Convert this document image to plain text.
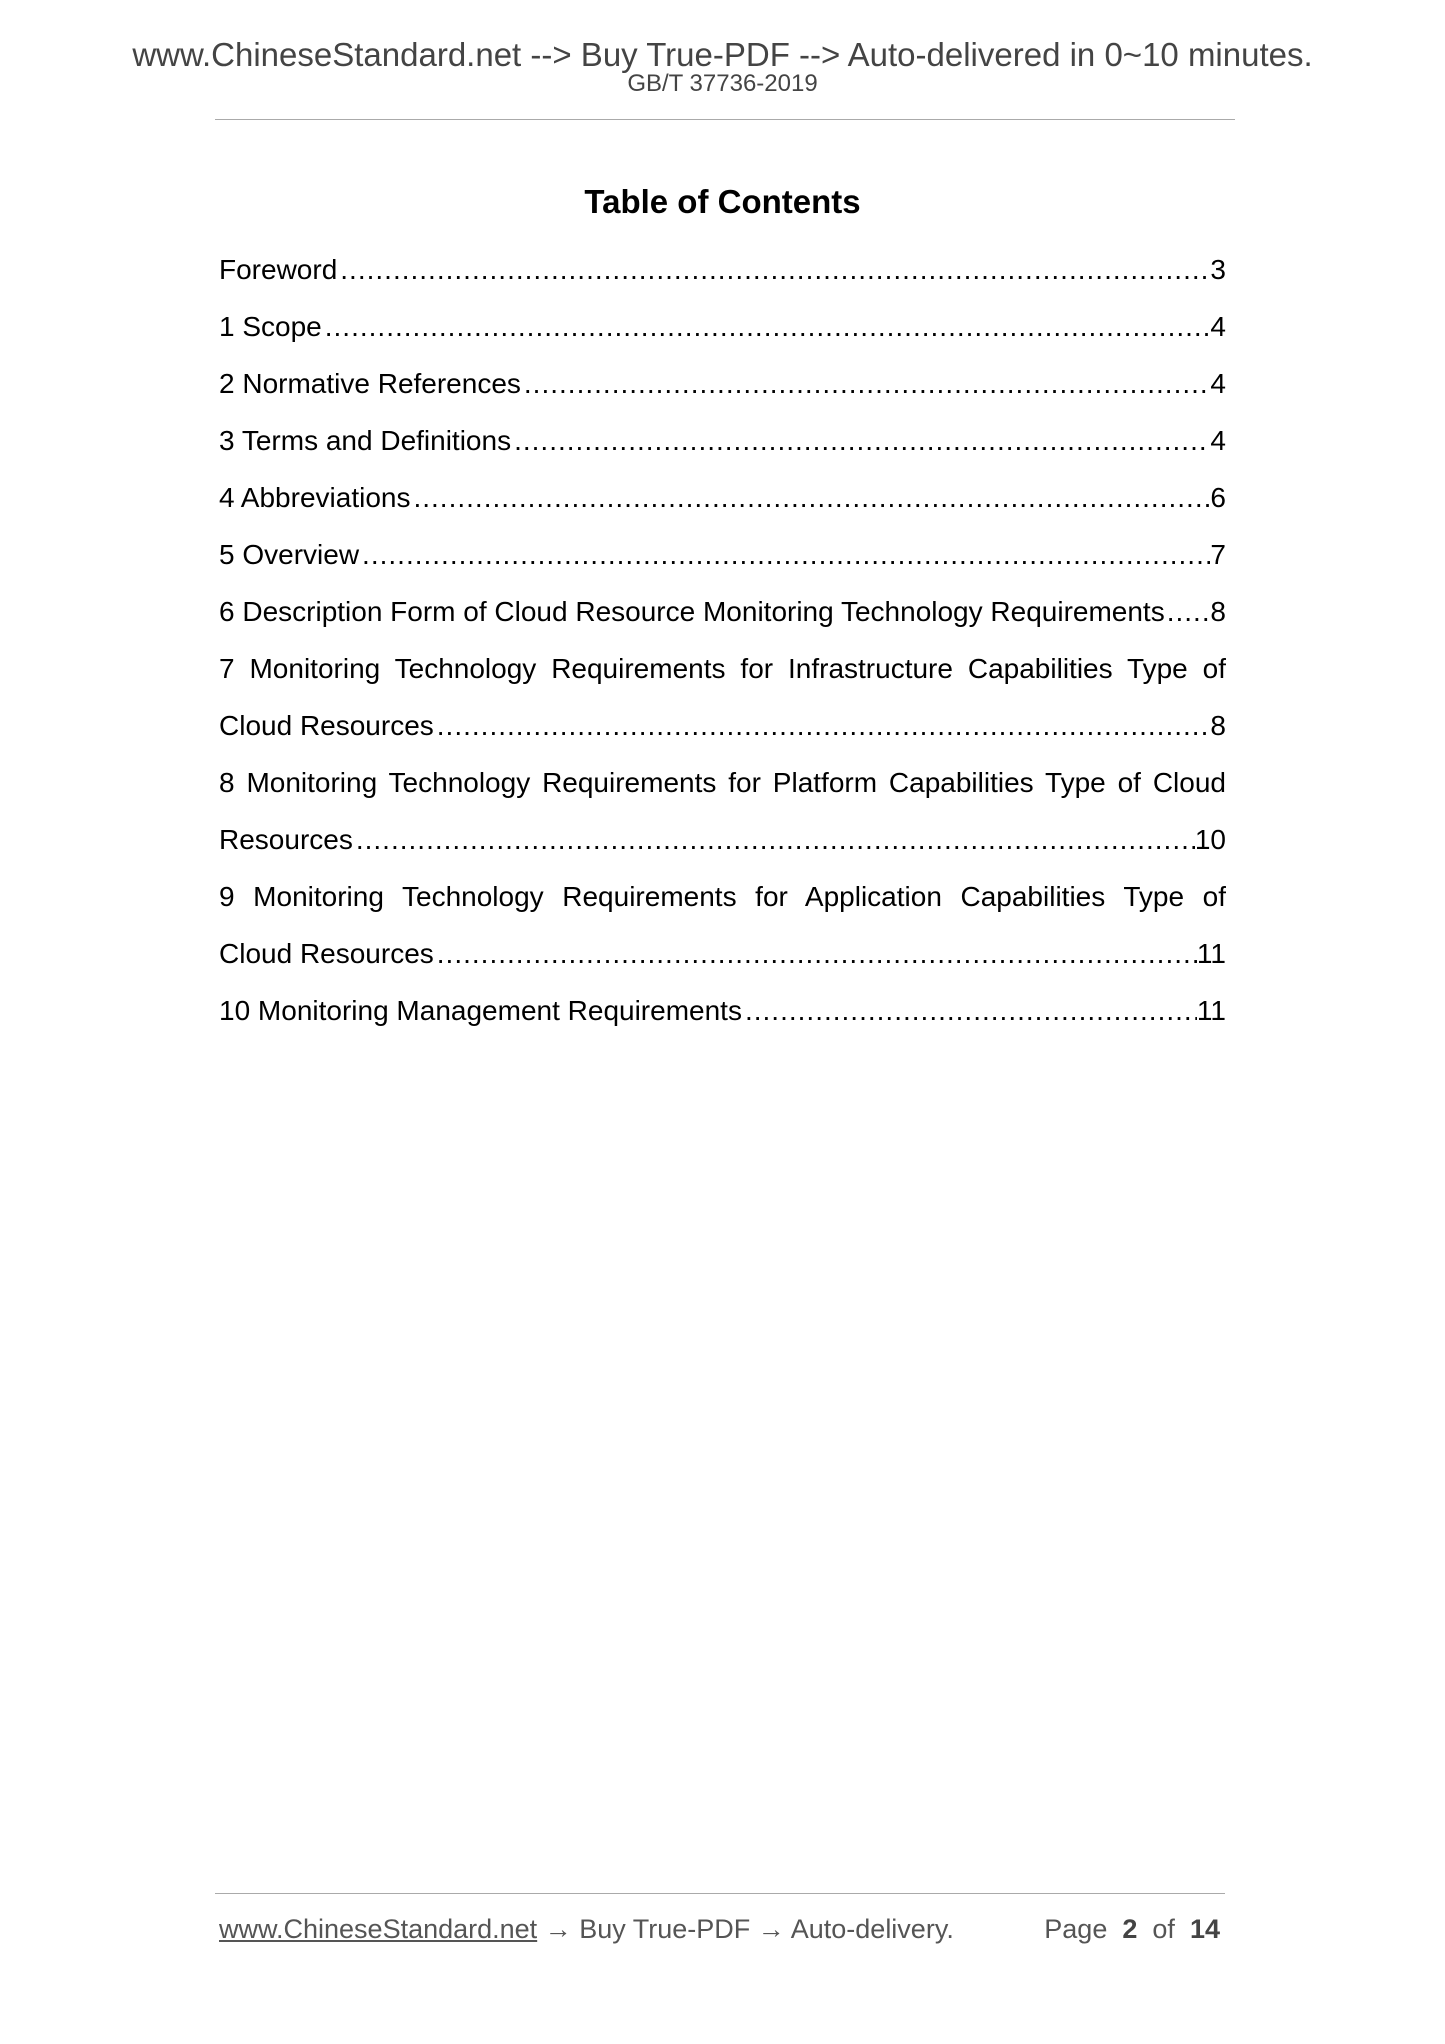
www.ChineseStandard.net --> Buy True-PDF --> Auto-delivered in 0~10 minutes.
GB/T 37736-2019
Table of Contents
Foreword .....	3
1 Scope .....	4
2 Normative References .....	4
3 Terms and Definitions .....	4
4 Abbreviations .....	6
5 Overview .....	7
6 Description Form of Cloud Resource Monitoring Technology Requirements ..... 8
7 Monitoring Technology Requirements for Infrastructure Capabilities Type of
Cloud Resources .....	8
8 Monitoring Technology Requirements for Platform Capabilities Type of Cloud
Resources .....	10
9 Monitoring Technology Requirements for Application Capabilities Type of
Cloud Resources .....	11
10 Monitoring Management Requirements .....	11
www.ChineseStandard.net → Buy True-PDF → Auto-delivery.	Page 2 of 14
